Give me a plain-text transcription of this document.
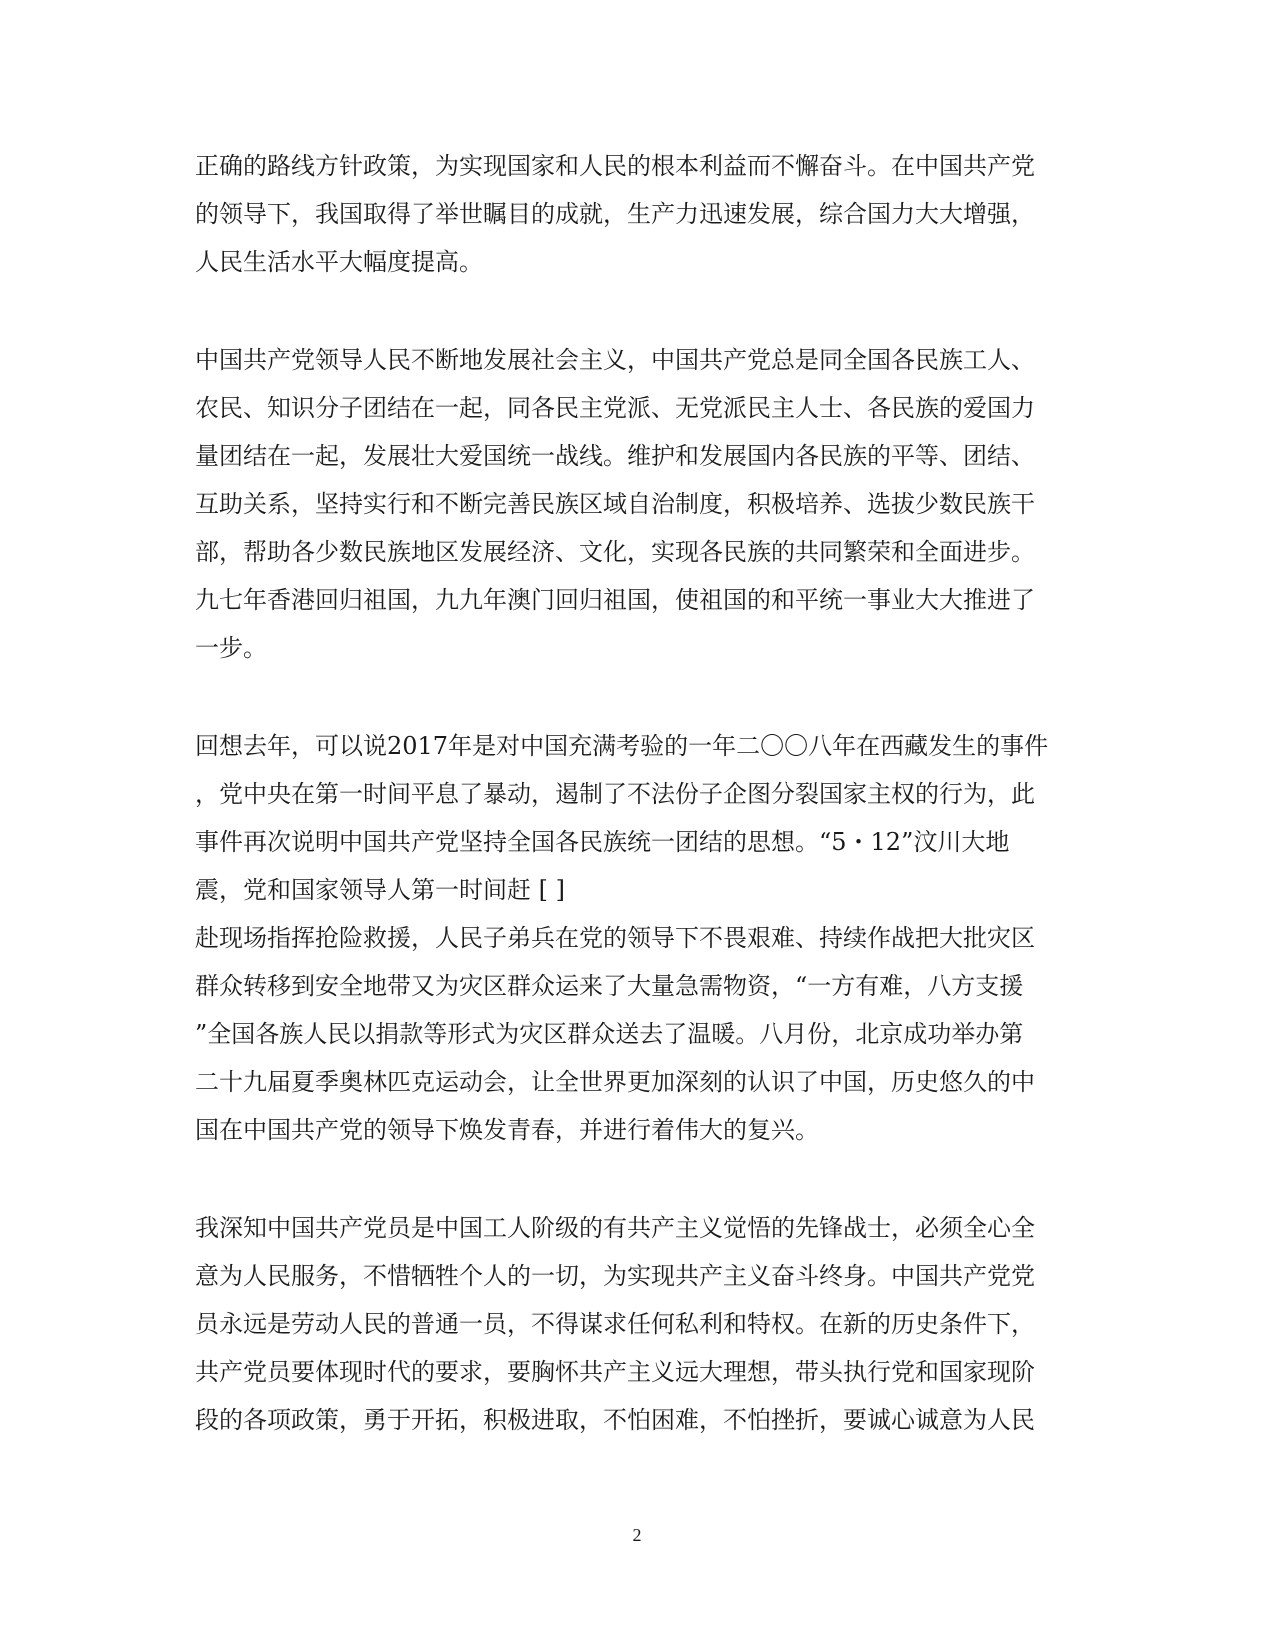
正确的路线方针政策，为实现国家和人民的根本利益而不懈奋斗。在中国共产党
的领导下，我国取得了举世瞩目的成就，生产力迅速发展，综合国力大大增强，
人民生活水平大幅度提高。
中国共产党领导人民不断地发展社会主义，中国共产党总是同全国各民族工人、
农民、知识分子团结在一起，同各民主党派、无党派民主人士、各民族的爱国力
量团结在一起，发展壮大爱国统一战线。维护和发展国内各民族的平等、团结、
互助关系，坚持实行和不断完善民族区域自治制度，积极培养、选拔少数民族干
部，帮助各少数民族地区发展经济、文化，实现各民族的共同繁荣和全面进步。
九七年香港回归祖国，九九年澳门回归祖国，使祖国的和平统一事业大大推进了
一步。
回想去年，可以说2017年是对中国充满考验的一年二〇〇八年在西藏发生的事件
，党中央在第一时间平息了暴动，遏制了不法份子企图分裂国家主权的行为，此
事件再次说明中国共产党坚持全国各民族统一团结的思想。“5・12”汶川大地
震，党和国家领导人第一时间赶 [ ]
赴现场指挥抢险救援，人民子弟兵在党的领导下不畏艰难、持续作战把大批灾区
群众转移到安全地带又为灾区群众运来了大量急需物资，“一方有难，八方支援
”全国各族人民以捐款等形式为灾区群众送去了温暖。八月份，北京成功举办第
二十九届夏季奥林匹克运动会，让全世界更加深刻的认识了中国，历史悠久的中
国在中国共产党的领导下焕发青春，并进行着伟大的复兴。
我深知中国共产党员是中国工人阶级的有共产主义觉悟的先锋战士，必须全心全
意为人民服务，不惜牺牲个人的一切，为实现共产主义奋斗终身。中国共产党党
员永远是劳动人民的普通一员，不得谋求任何私利和特权。在新的历史条件下，
共产党员要体现时代的要求，要胸怀共产主义远大理想，带头执行党和国家现阶
段的各项政策，勇于开拓，积极进取，不怕困难，不怕挫折，要诚心诚意为人民
2
